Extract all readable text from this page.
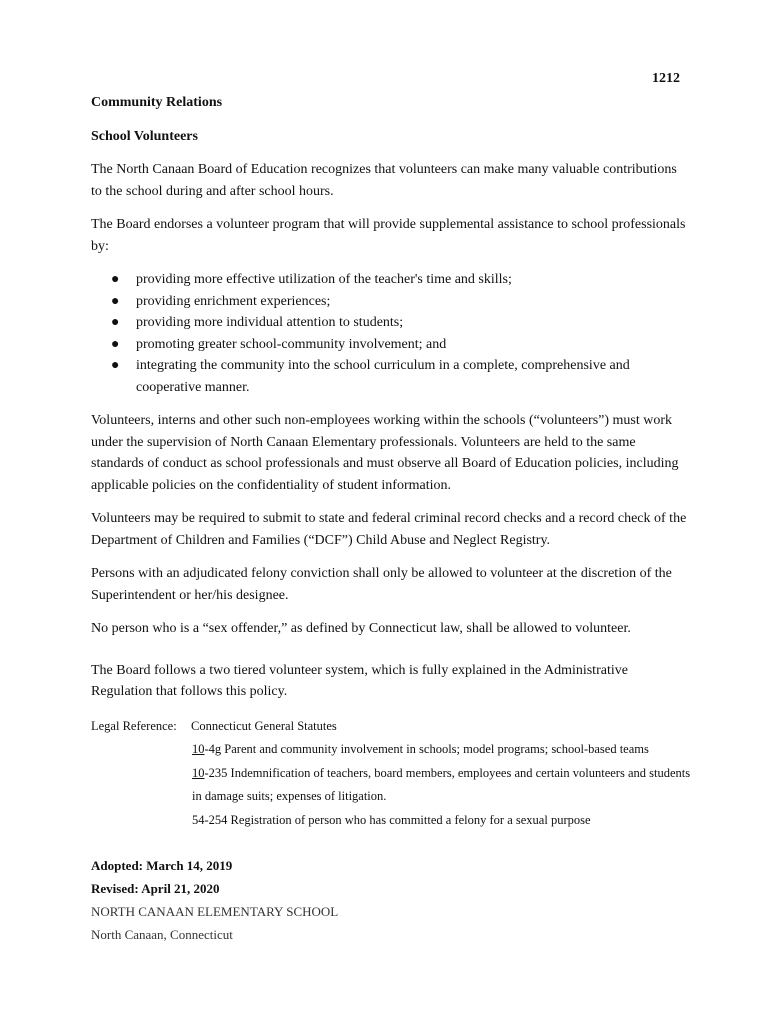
1212
Community Relations
School Volunteers

The North Canaan Board of Education recognizes that volunteers can make many valuable contributions to the school during and after school hours.

The Board endorses a volunteer program that will provide supplemental assistance to school professionals by:

● providing more effective utilization of the teacher's time and skills;
● providing enrichment experiences;
● providing more individual attention to students;
● promoting greater school-community involvement; and
● integrating the community into the school curriculum in a complete, comprehensive and cooperative manner.

Volunteers, interns and other such non-employees working within the schools (“volunteers”) must work under the supervision of North Canaan Elementary professionals. Volunteers are held to the same standards of conduct as school professionals and must observe all Board of Education policies, including applicable policies on the confidentiality of student information.

Volunteers may be required to submit to state and federal criminal record checks and a record check of the Department of Children and Families (“DCF”) Child Abuse and Neglect Registry.

Persons with an adjudicated felony conviction shall only be allowed to volunteer at the discretion of the Superintendent or her/his designee.

No person who is a “sex offender,” as defined by Connecticut law, shall be allowed to volunteer.

The Board follows a two tiered volunteer system, which is fully explained in the Administrative Regulation that follows this policy.

Legal Reference:	Connecticut General Statutes
10-4g Parent and community involvement in schools; model programs; school-based teams
10-235 Indemnification of teachers, board members, employees and certain volunteers and students in damage suits; expenses of litigation.
54-254 Registration of person who has committed a felony for a sexual purpose
Adopted: March 14, 2019
Revised: April 21, 2020
NORTH CANAAN ELEMENTARY SCHOOL
North Canaan, Connecticut
